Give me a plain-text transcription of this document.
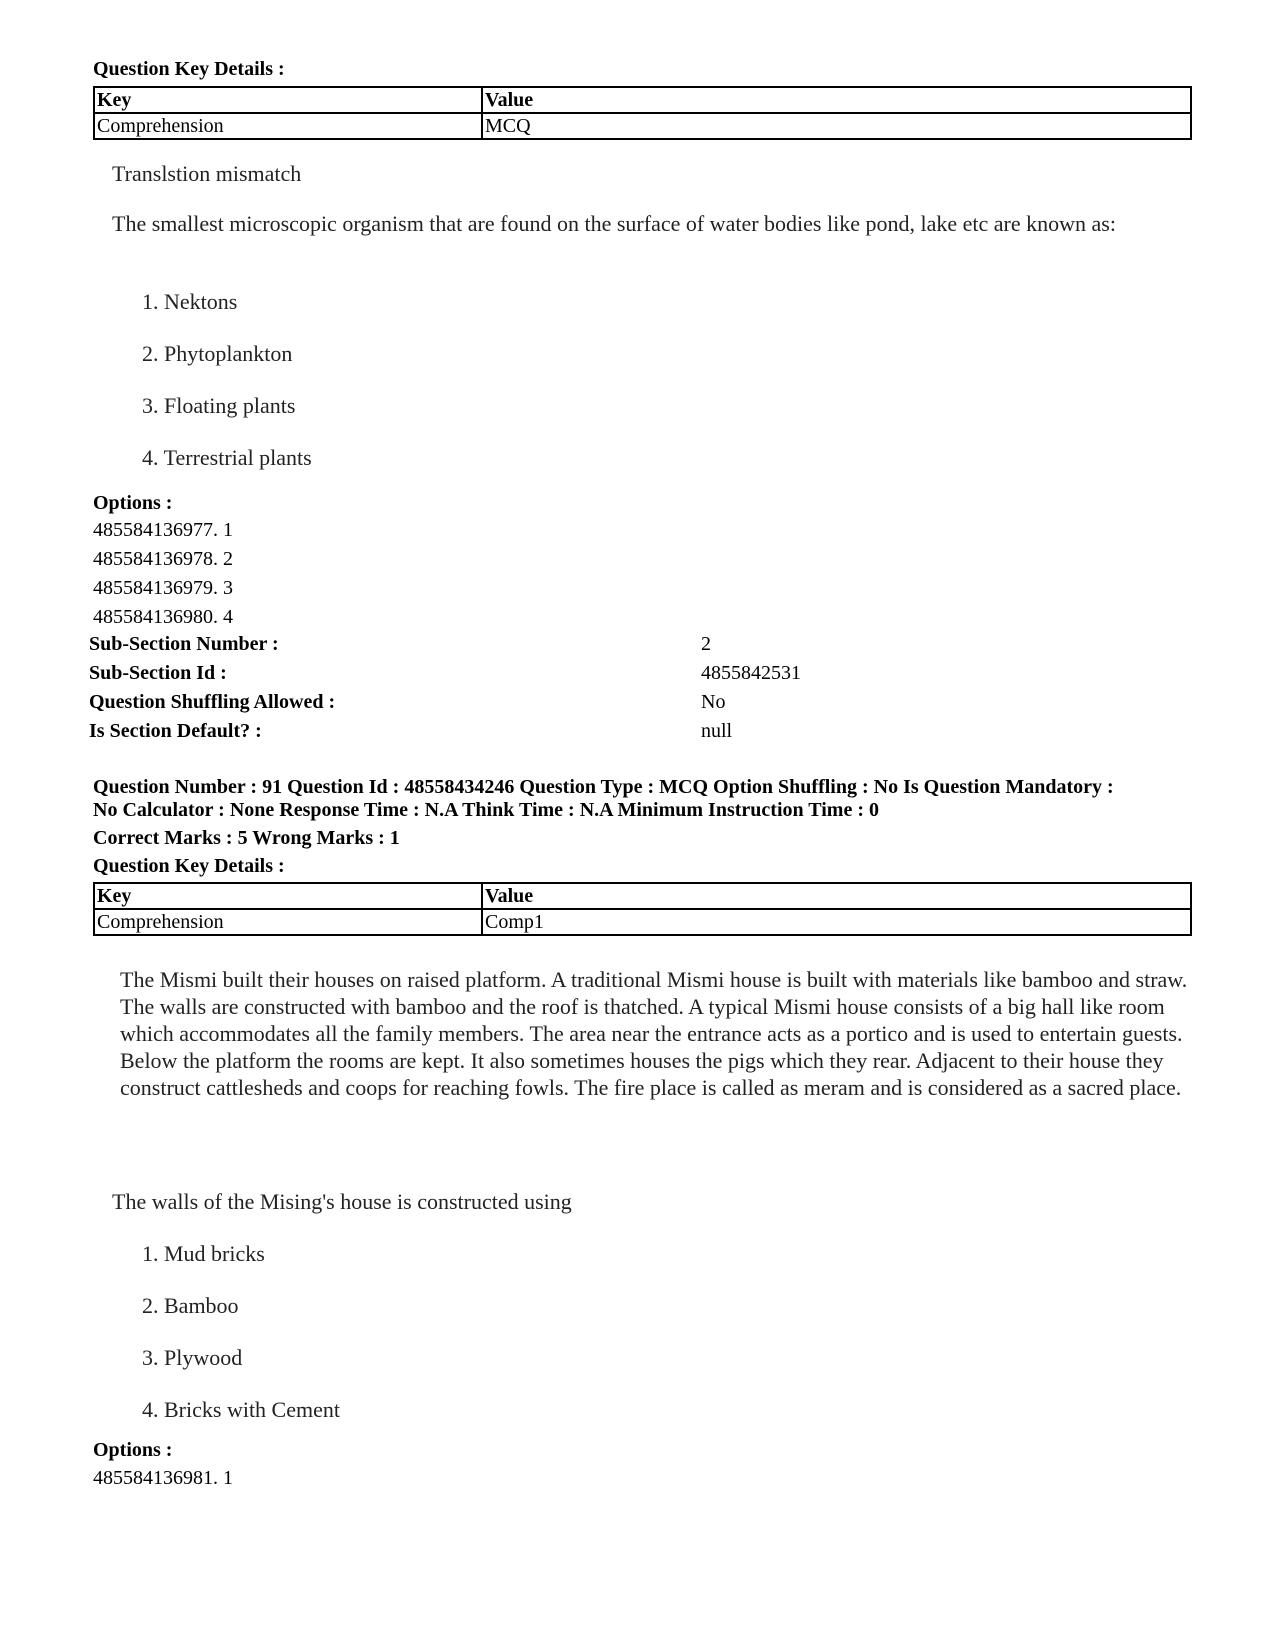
Question Key Details :
Key	Value
Comprehension	MCQ
Translstion mismatch
The smallest microscopic organism that are found on the surface of water bodies like pond, lake etc are known as:
1. Nektons
2. Phytoplankton
3. Floating plants
4. Terrestrial plants
Options :
485584136977. 1
485584136978. 2
485584136979. 3
485584136980. 4
Sub-Section Number :	2
Sub-Section Id :	4855842531
Question Shuffling Allowed :	No
Is Section Default? :	null
Question Number : 91 Question Id : 48558434246 Question Type : MCQ Option Shuffling : No Is Question Mandatory :
No Calculator : None Response Time : N.A Think Time : N.A Minimum Instruction Time : 0
Correct Marks : 5 Wrong Marks : 1
Question Key Details :
Key	Value
Comprehension	Comp1
The Mismi built their houses on raised platform. A traditional Mismi house is built with materials like bamboo and straw. The walls are constructed with bamboo and the roof is thatched. A typical Mismi house consists of a big hall like room which accommodates all the family members. The area near the entrance acts as a portico and is used to entertain guests. Below the platform the rooms are kept. It also sometimes houses the pigs which they rear. Adjacent to their house they construct cattlesheds and coops for reaching fowls. The fire place is called as meram and is considered as a sacred place.
The walls of the Mising's house is constructed using
1. Mud bricks
2. Bamboo
3. Plywood
4. Bricks with Cement
Options :
485584136981. 1
